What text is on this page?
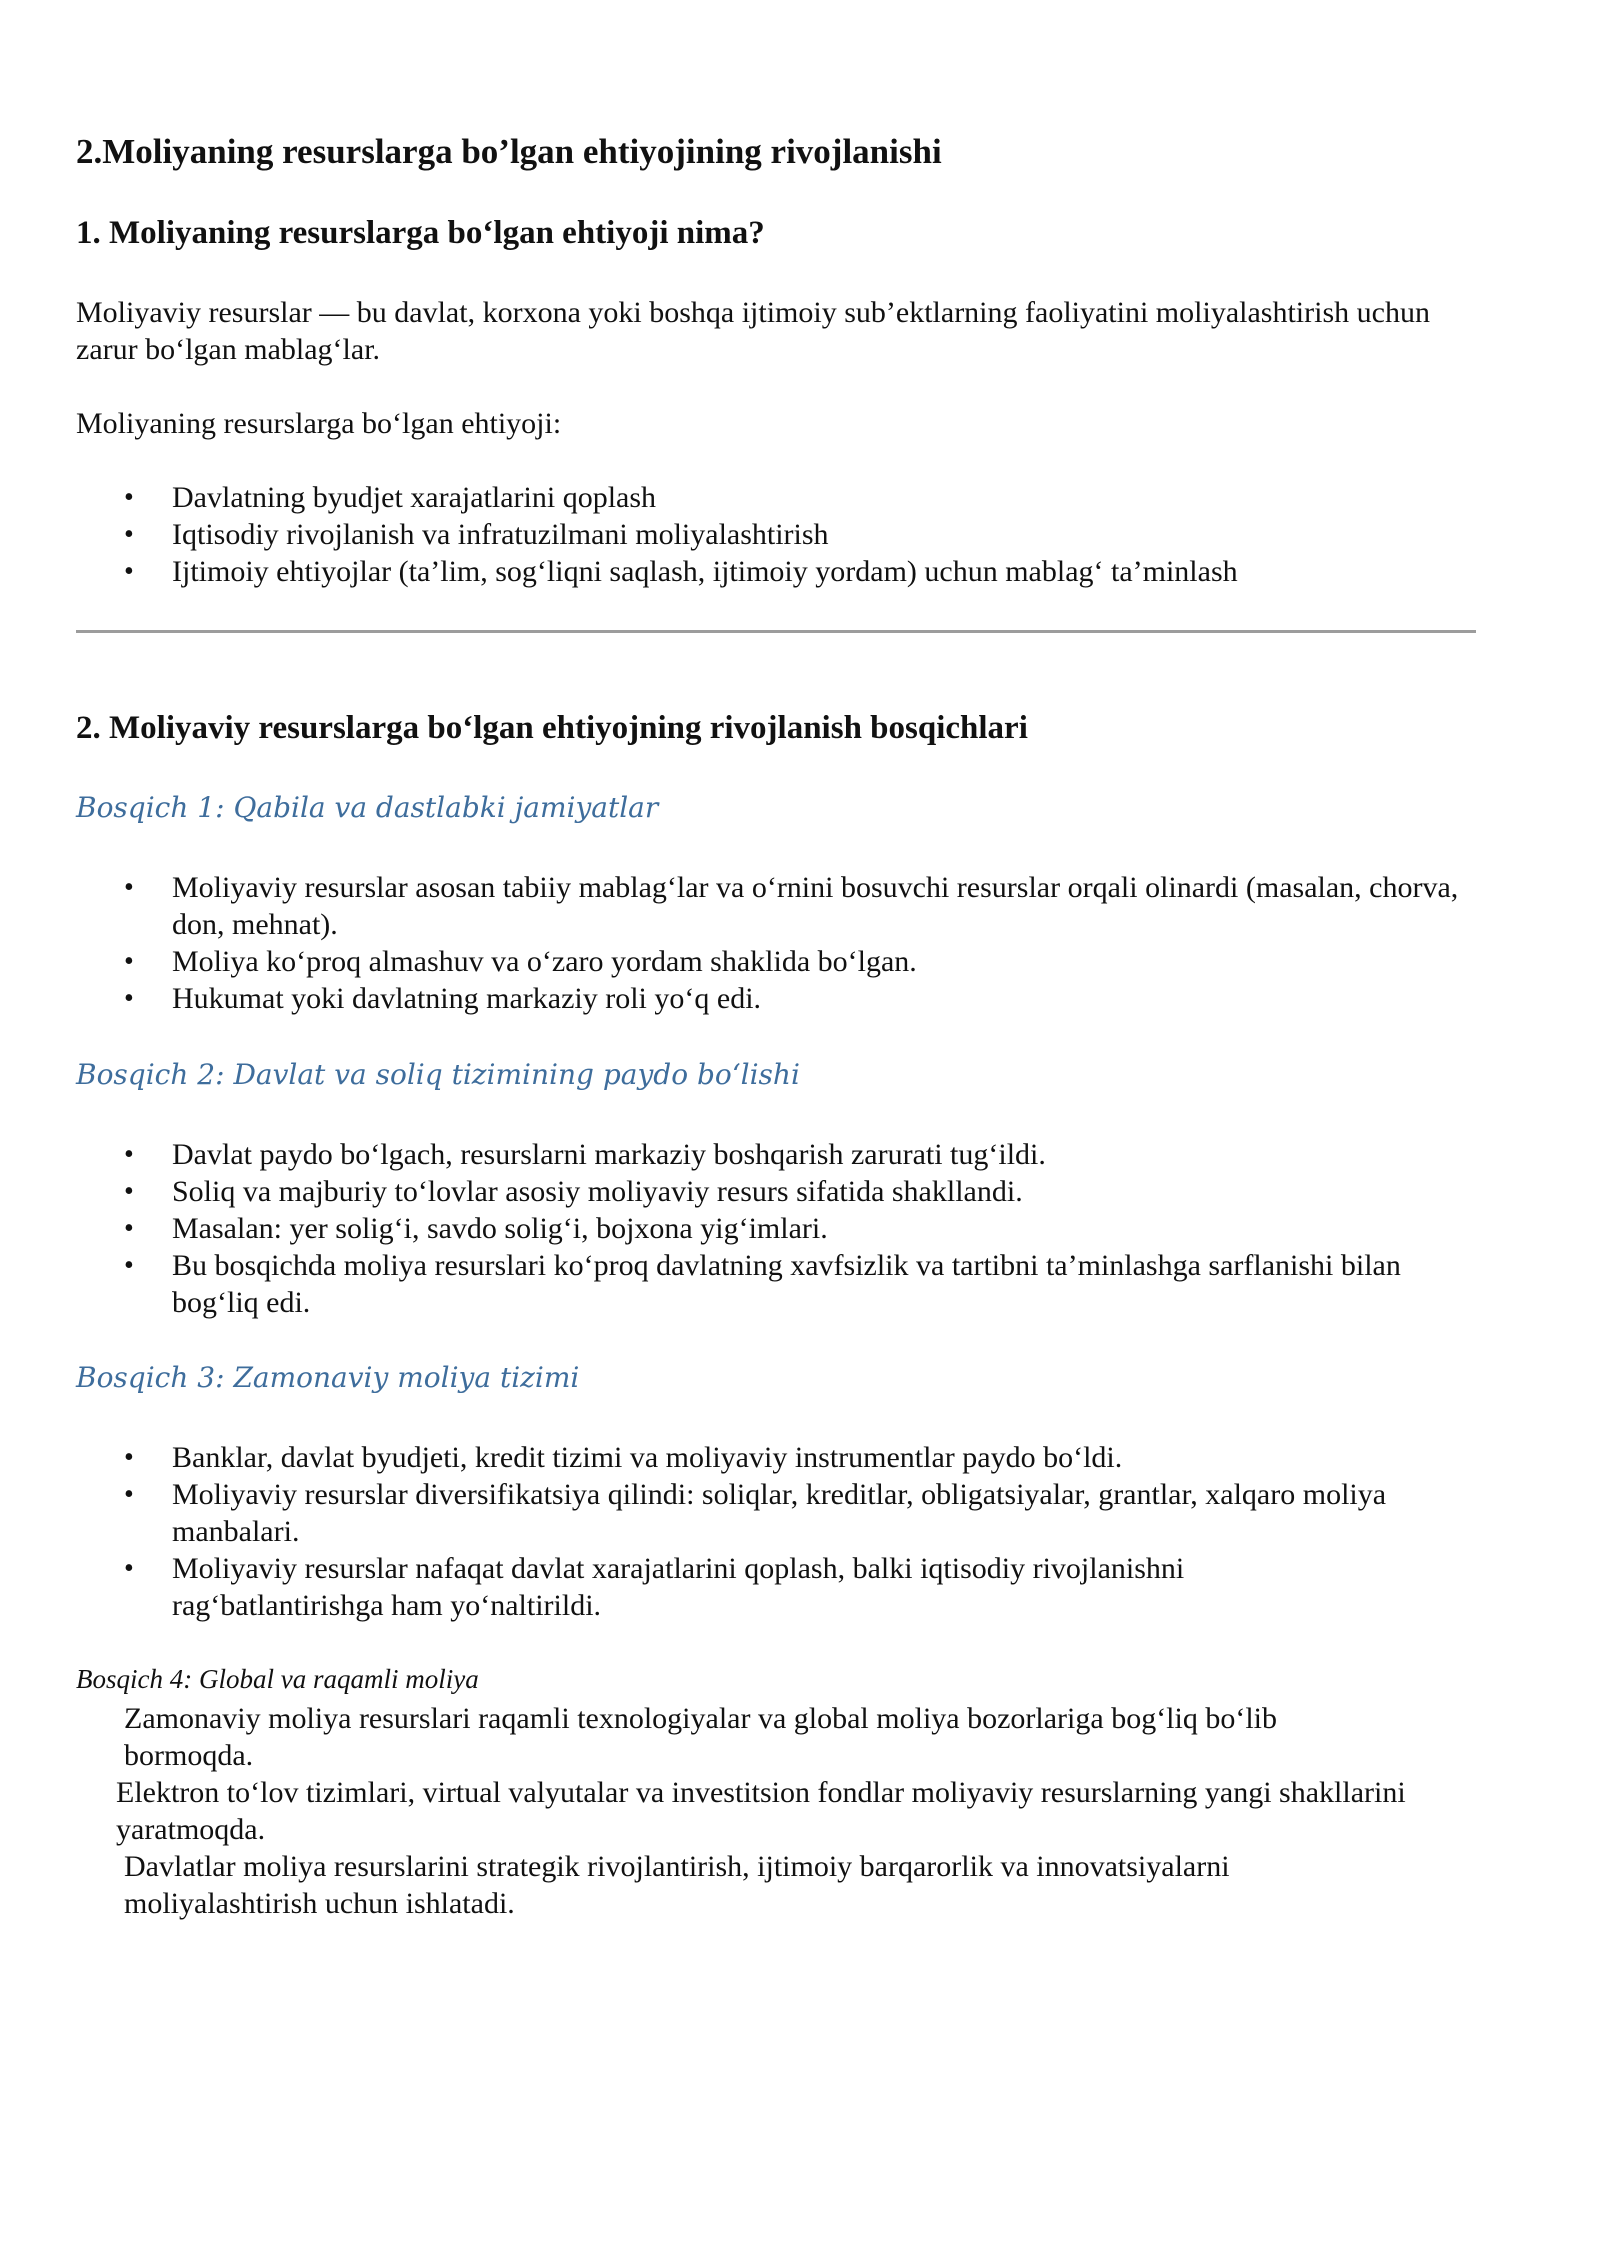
2.Moliyaning resurslarga bo’lgan ehtiyojining rivojlanishi
1. Moliyaning resurslarga bo‘lgan ehtiyoji nima?

Moliyaviy resurslar — bu davlat, korxona yoki boshqa ijtimoiy sub’ektlarning faoliyatini moliyalashtirish uchun zarur bo‘lgan mablag‘lar.

Moliyaning resurslarga bo‘lgan ehtiyoji:

• Davlatning byudjet xarajatlarini qoplash
• Iqtisodiy rivojlanish va infratuzilmani moliyalashtirish
• Ijtimoiy ehtiyojlar (ta’lim, sog‘liqni saqlash, ijtimoiy yordam) uchun mablag‘ ta’minlash
2. Moliyaviy resurslarga bo‘lgan ehtiyojning rivojlanish bosqichlari
Bosqich 1: Qabila va dastlabki jamiyatlar
• Moliyaviy resurslar asosan tabiiy mablag‘lar va o‘rnini bosuvchi resurslar orqali olinardi (masalan, chorva, don, mehnat).
• Moliya ko‘proq almashuv va o‘zaro yordam shaklida bo‘lgan.
• Hukumat yoki davlatning markaziy roli yo‘q edi.
Bosqich 2: Davlat va soliq tizimining paydo bo‘lishi
• Davlat paydo bo‘lgach, resurslarni markaziy boshqarish zarurati tug‘ildi.
• Soliq va majburiy to‘lovlar asosiy moliyaviy resurs sifatida shakllandi.
• Masalan: yer solig‘i, savdo solig‘i, bojxona yig‘imlari.
• Bu bosqichda moliya resurslari ko‘proq davlatning xavfsizlik va tartibni ta’minlashga sarflanishi bilan bog‘liq edi.
Bosqich 3: Zamonaviy moliya tizimi
• Banklar, davlat byudjeti, kredit tizimi va moliyaviy instrumentlar paydo bo‘ldi.
• Moliyaviy resurslar diversifikatsiya qilindi: soliqlar, kreditlar, obligatsiyalar, grantlar, xalqaro moliya manbalari.
• Moliyaviy resurslar nafaqat davlat xarajatlarini qoplash, balki iqtisodiy rivojlanishni rag‘batlantirishga ham yo‘naltirildi.
Bosqich 4: Global va raqamli moliya

Zamonaviy moliya resurslari raqamli texnologiyalar va global moliya bozorlariga bog‘liq bo‘lib bormoqda.

Elektron to‘lov tizimlari, virtual valyutalar va investitsion fondlar moliyaviy resurslarning yangi shakllarini yaratmoqda.

Davlatlar moliya resurslarini strategik rivojlantirish, ijtimoiy barqarorlik va innovatsiyalarni moliyalashtirish uchun ishlatadi.
